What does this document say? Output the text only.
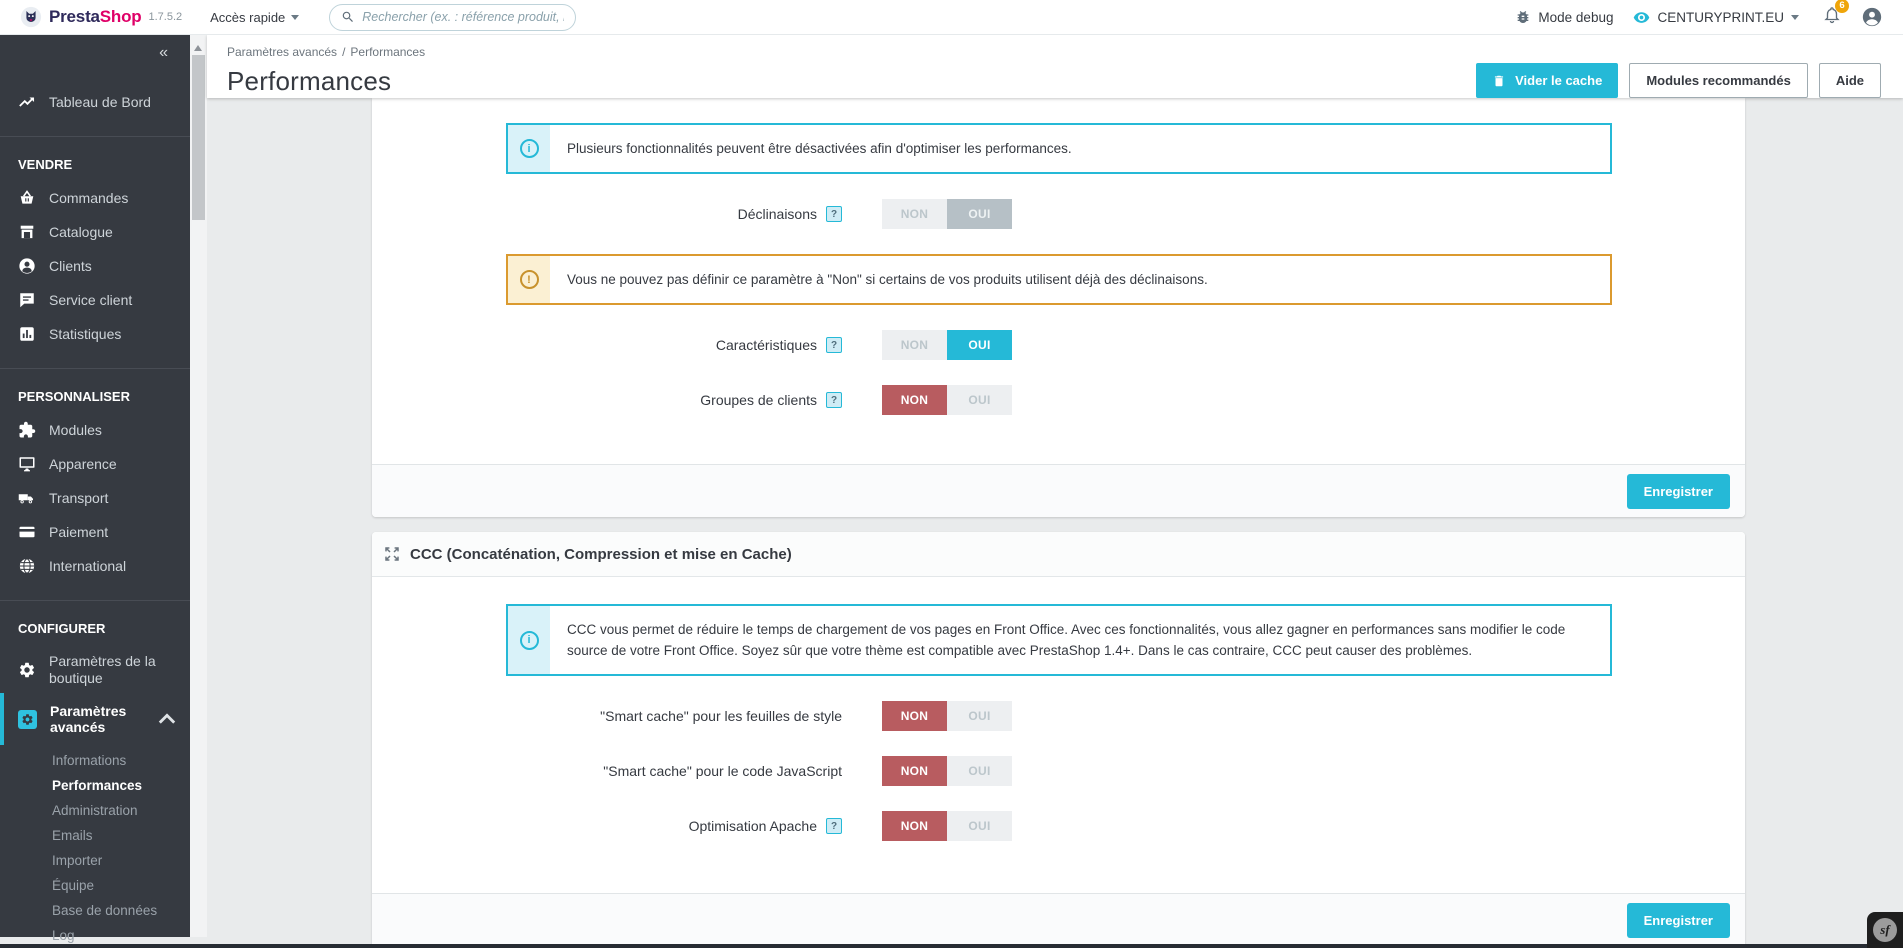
PrestaShop 1.7.5.2 Accès rapide
Rechercher (ex. : référence produit, nom	Mode debug	CENTURYPRINT.EU
6
«
Tableau de Bord
VENDRE
Commandes
Catalogue
Clients
Service client
Statistiques
PERSONNALISER
Modules
Apparence
Transport
Paiement
International
CONFIGURER
Paramètres de la boutique
Paramètres avancés
Informations
Performances
Administration
Emails
Importer
Équipe
Base de données
Log
Paramètres avancés / Performances
Performances	Vider le cache	Modules recommandés	Aide
i	Plusieurs fonctionnalités peuvent être désactivées afin d'optimiser les performances.
Déclinaisons	?	NON	OUI
!	Vous ne pouvez pas définir ce paramètre à "Non" si certains de vos produits utilisent déjà des déclinaisons.
Caractéristiques	?	NON	OUI
Groupes de clients	?	NON	OUI
Enregistrer
CCC (Concaténation, Compression et mise en Cache)
i
CCC vous permet de réduire le temps de chargement de vos pages en Front Office. Avec ces fonctionnalités, vous allez gagner en performances sans modifier le code source de votre Front Office. Soyez sûr que votre thème est compatible avec PrestaShop 1.4+. Dans le cas contraire, CCC peut causer des problèmes.
"Smart cache" pour les feuilles de style	NON	OUI
"Smart cache" pour le code JavaScript	NON	OUI
Optimisation Apache	?	NON	OUI
Enregistrer
sf
